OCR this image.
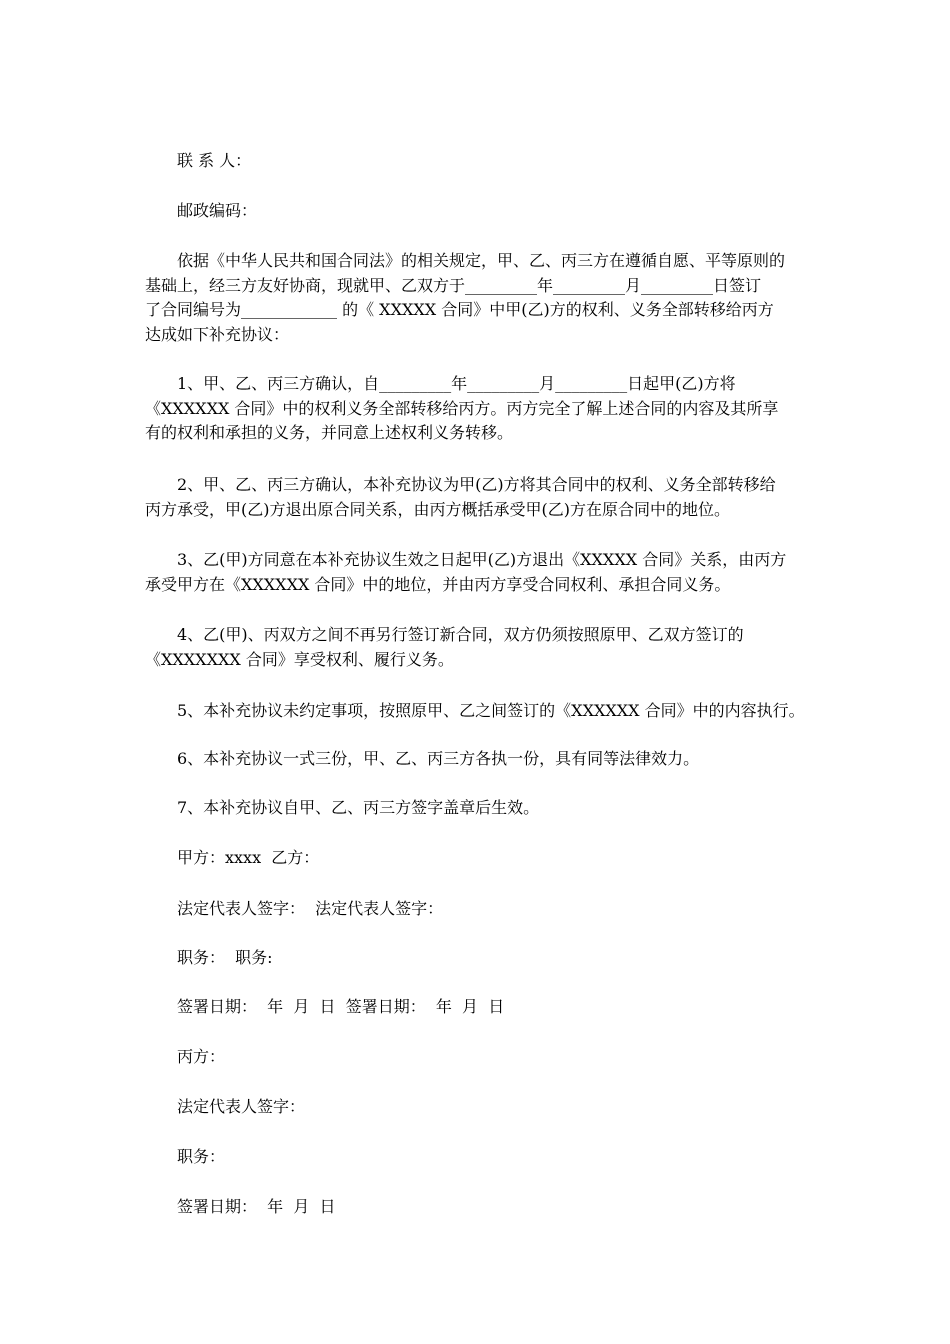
联 系 人：
邮政编码：
依据《中华人民共和国合同法》的相关规定，甲、乙、丙三方在遵循自愿、平等原则的
基础上，经三方友好协商，现就甲、乙双方于_________年_________月_________日签订
了合同编号为____________ 的《 XXXXX 合同》中甲(乙)方的权利、义务全部转移给丙方
达成如下补充协议：
1、甲、乙、丙三方确认，自_________年_________月_________日起甲(乙)方将
《XXXXXX 合同》中的权利义务全部转移给丙方。丙方完全了解上述合同的内容及其所享
有的权利和承担的义务，并同意上述权利义务转移。
2、甲、乙、丙三方确认，本补充协议为甲(乙)方将其合同中的权利、义务全部转移给
丙方承受，甲(乙)方退出原合同关系，由丙方概括承受甲(乙)方在原合同中的地位。
3、乙(甲)方同意在本补充协议生效之日起甲(乙)方退出《XXXXX 合同》关系，由丙方
承受甲方在《XXXXXX 合同》中的地位，并由丙方享受合同权利、承担合同义务。
4、乙(甲)、丙双方之间不再另行签订新合同，双方仍须按照原甲、乙双方签订的
《XXXXXXX 合同》享受权利、履行义务。
5、本补充协议未约定事项，按照原甲、乙之间签订的《XXXXXX 合同》中的内容执行。
6、本补充协议一式三份，甲、乙、丙三方各执一份，具有同等法律效力。
7、本补充协议自甲、乙、丙三方签字盖章后生效。
甲方：xxxx  乙方：
法定代表人签字：  法定代表人签字：
职务：  职务:
签署日期：  年  月  日  签署日期：  年  月  日
丙方：
法定代表人签字：
职务：
签署日期：  年  月  日
